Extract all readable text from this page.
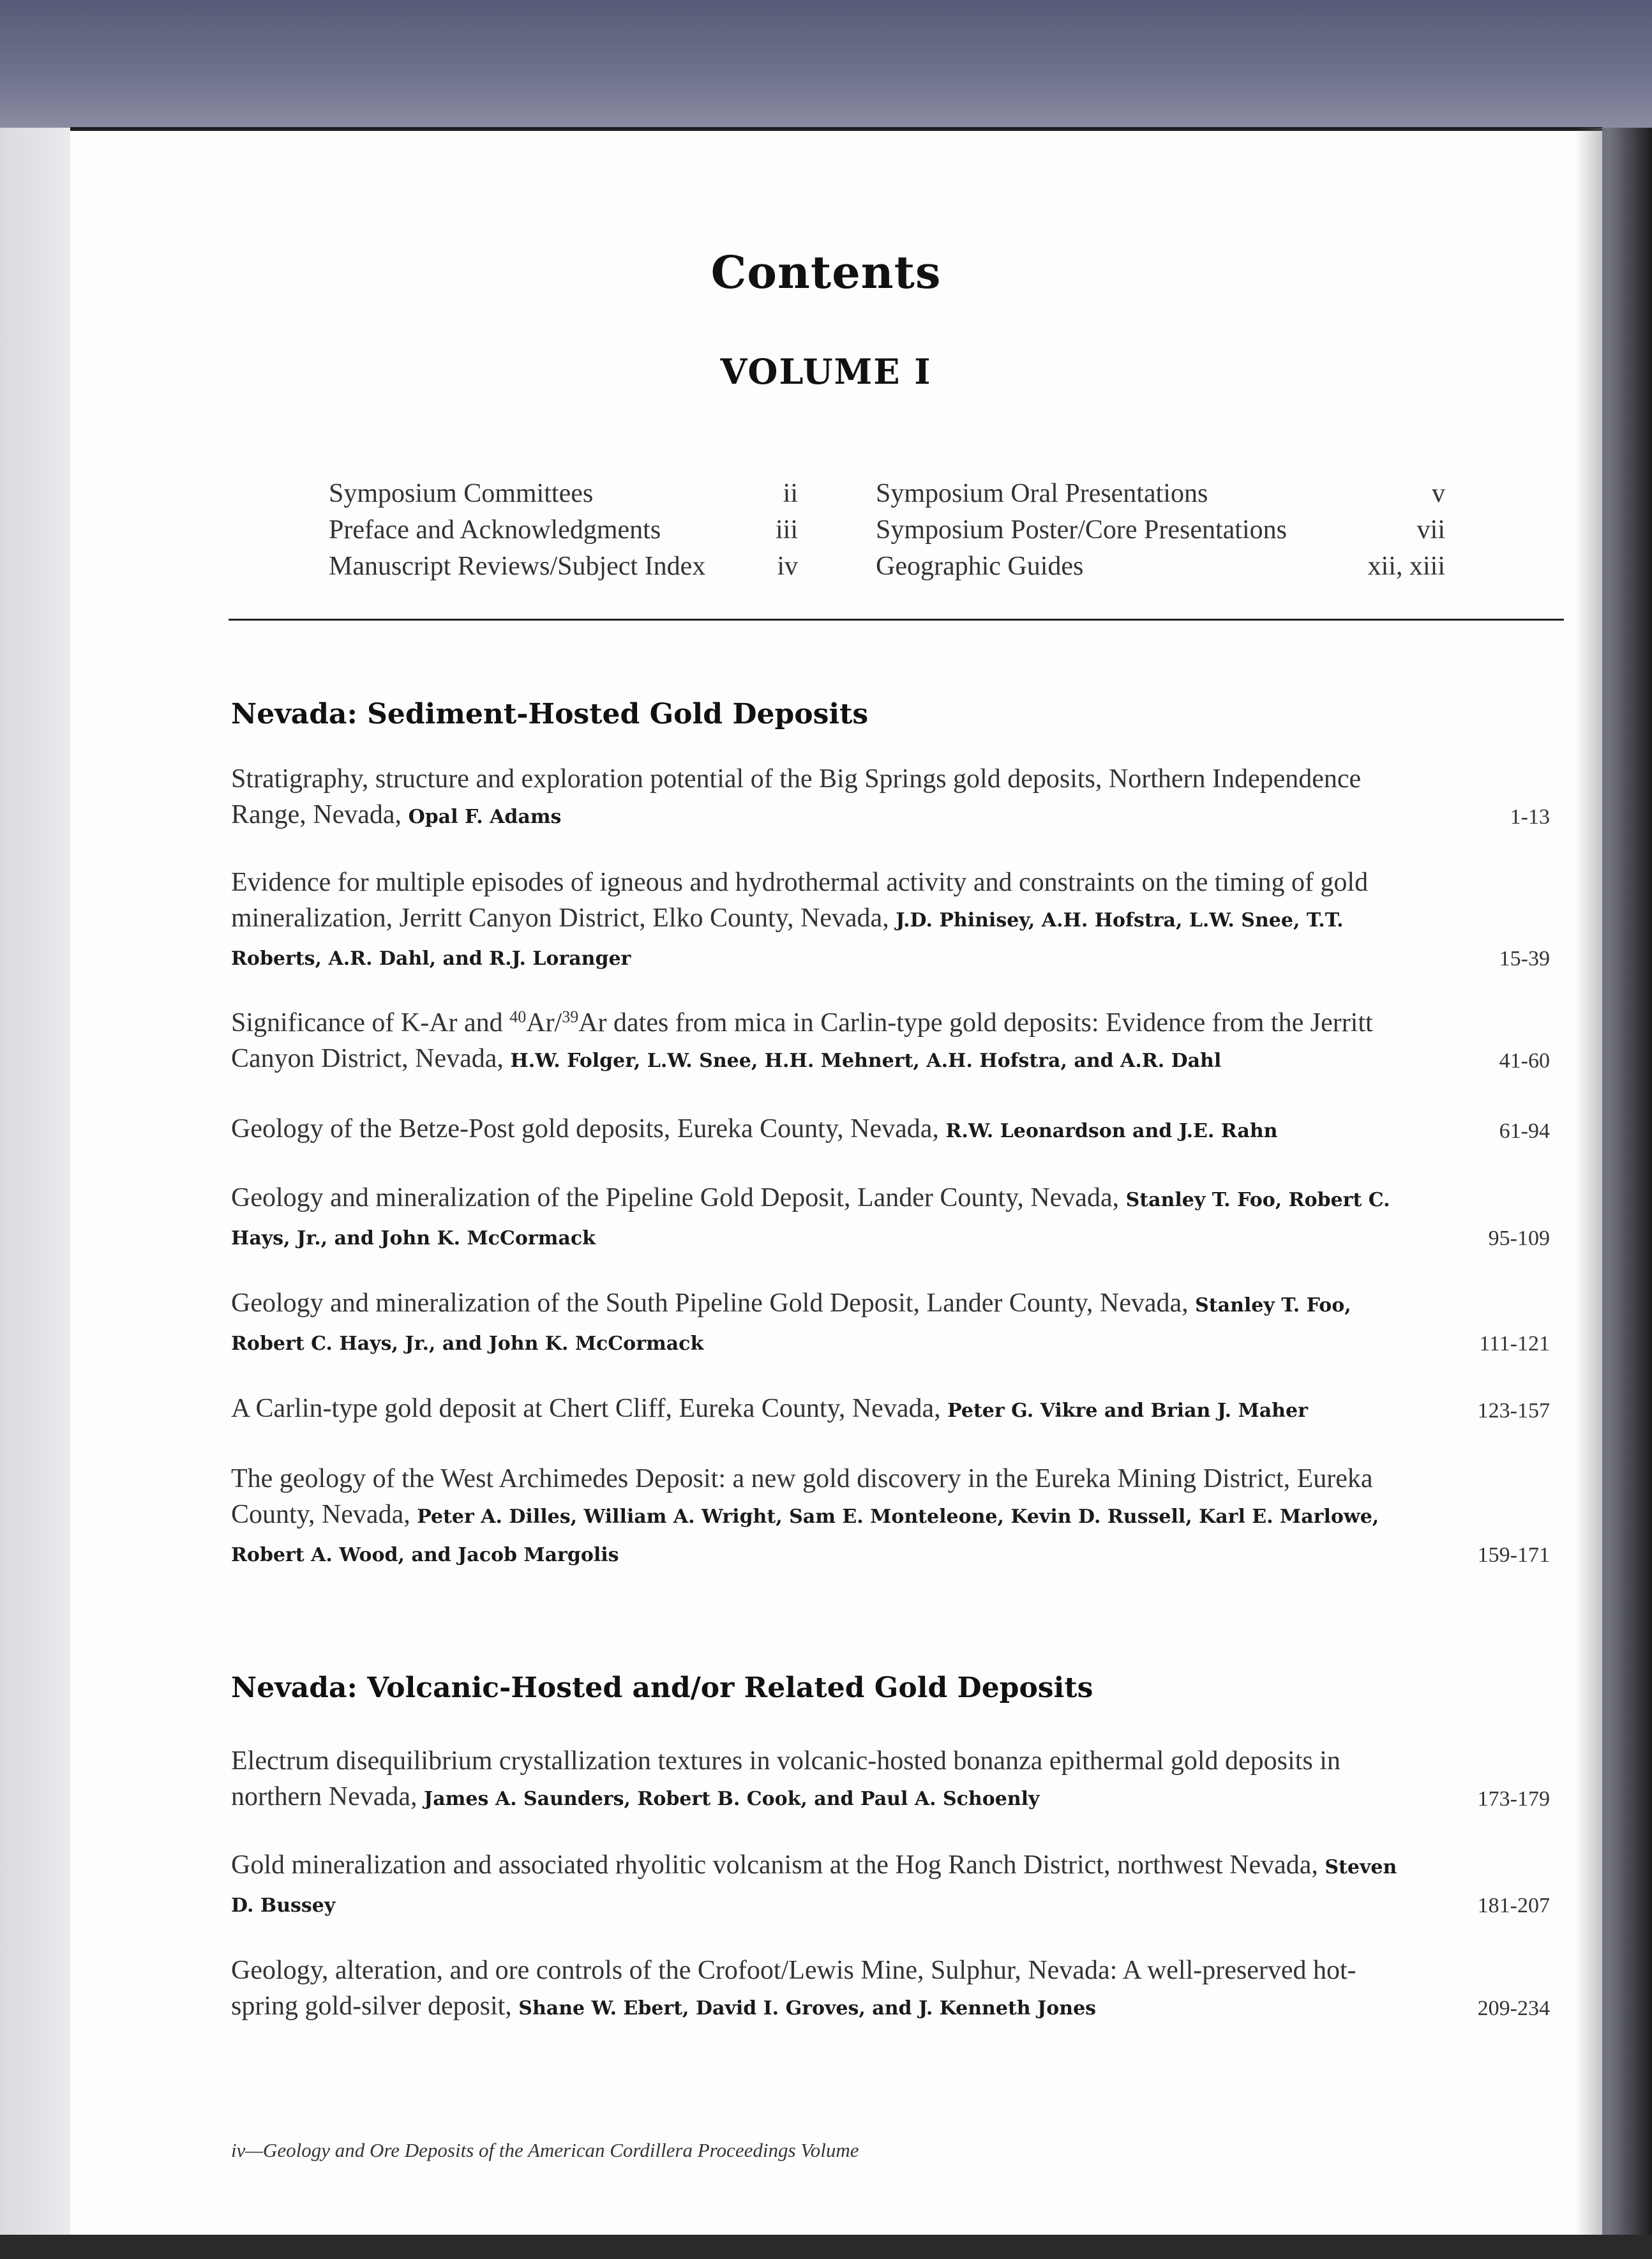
Contents
VOLUME I
Symposium Committees	ii
Preface and Acknowledgments	iii
Manuscript Reviews/Subject Index	iv
Symposium Oral Presentations	v
Symposium Poster/Core Presentations	vii
Geographic Guides	xii, xiii
Nevada: Sediment-Hosted Gold Deposits
Stratigraphy, structure and exploration potential of the Big Springs gold deposits, Northern Independence Range, Nevada, Opal F. Adams	1-13
Evidence for multiple episodes of igneous and hydrothermal activity and constraints on the timing of gold mineralization, Jerritt Canyon District, Elko County, Nevada, J.D. Phinisey, A.H. Hofstra, L.W. Snee, T.T. Roberts, A.R. Dahl, and R.J. Loranger	15-39
Significance of K-Ar and $^{40}$Ar/$^{39}$Ar dates from mica in Carlin-type gold deposits: Evidence from the Jerritt Canyon District, Nevada, H.W. Folger, L.W. Snee, H.H. Mehnert, A.H. Hofstra, and A.R. Dahl	41-60
Geology of the Betze-Post gold deposits, Eureka County, Nevada, R.W. Leonardson and J.E. Rahn	61-94
Geology and mineralization of the Pipeline Gold Deposit, Lander County, Nevada, Stanley T. Foo, Robert C. Hays, Jr., and John K. McCormack	95-109
Geology and mineralization of the South Pipeline Gold Deposit, Lander County, Nevada, Stanley T. Foo, Robert C. Hays, Jr., and John K. McCormack	111-121
A Carlin-type gold deposit at Chert Cliff, Eureka County, Nevada, Peter G. Vikre and Brian J. Maher	123-157
The geology of the West Archimedes Deposit: a new gold discovery in the Eureka Mining District, Eureka County, Nevada, Peter A. Dilles, William A. Wright, Sam E. Monteleone, Kevin D. Russell, Karl E. Marlowe, Robert A. Wood, and Jacob Margolis	159-171
Nevada: Volcanic-Hosted and/or Related Gold Deposits
Electrum disequilibrium crystallization textures in volcanic-hosted bonanza epithermal gold deposits in northern Nevada, James A. Saunders, Robert B. Cook, and Paul A. Schoenly	173-179
Gold mineralization and associated rhyolitic volcanism at the Hog Ranch District, northwest Nevada, Steven D. Bussey	181-207
Geology, alteration, and ore controls of the Crofoot/Lewis Mine, Sulphur, Nevada: A well-preserved hot-spring gold-silver deposit, Shane W. Ebert, David I. Groves, and J. Kenneth Jones	209-234
iv—Geology and Ore Deposits of the American Cordillera Proceedings Volume
